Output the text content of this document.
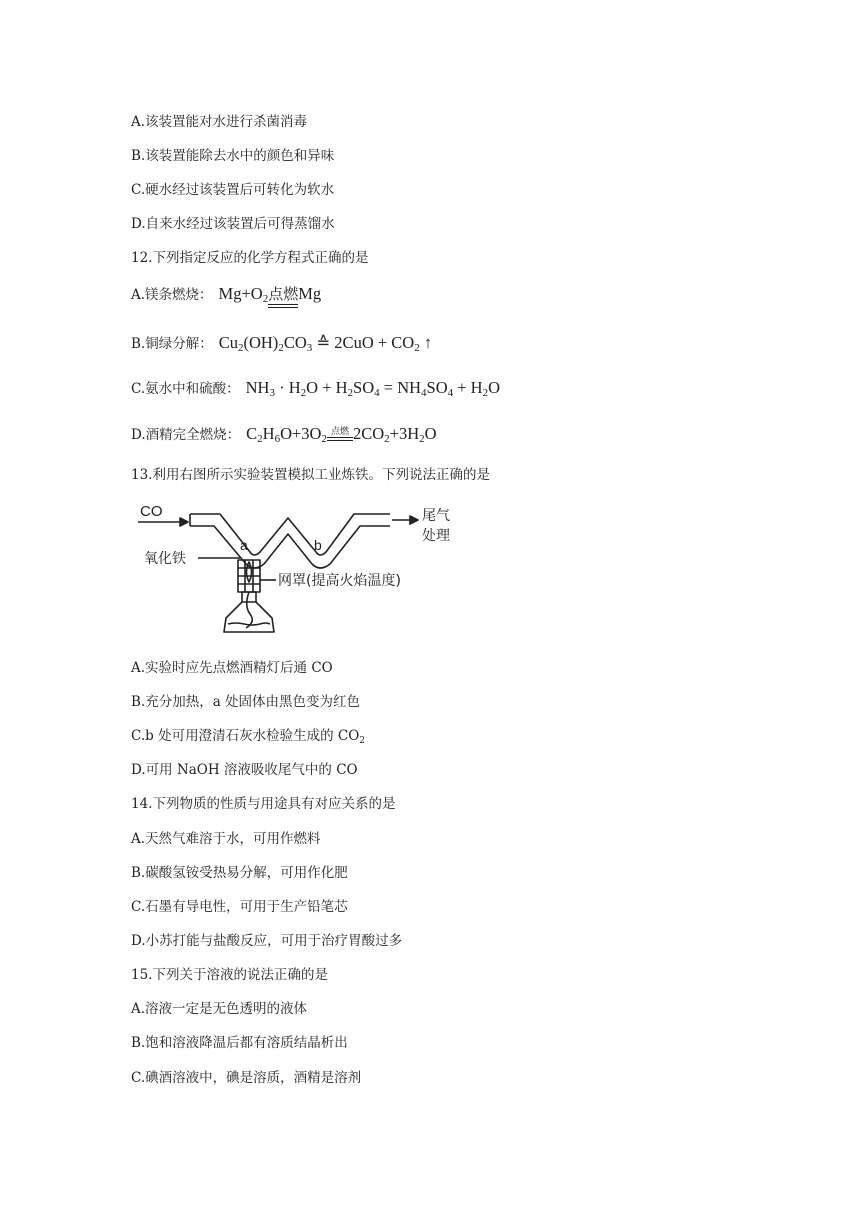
A.该装置能对水进行杀菌消毒
B.该装置能除去水中的颜色和异味
C.硬水经过该装置后可转化为软水
D.自来水经过该装置后可得蒸馏水
12.下列指定反应的化学方程式正确的是
A.镁条燃烧： $Mg+O_2$ 点燃 Mg
B.铜绿分解： $Cu_2(OH)_2CO_3$ ≙ $2CuO + CO_2$ ↑
C.氨水中和硫酸： $NH_3 \cdot H_2O + H_2SO_4 = NH_4SO_4 + H_2O$
D.酒精完全燃烧： $C_2H_6O+3O_2$
点燃 $2CO_2+3H_2O$
13.利用右图所示实验装置模拟工业炼铁。下列说法正确的是
CO
a	b
尾气
处理
氧化铁
网罩(提高火焰温度)
A.实验时应先点燃酒精灯后通 CO
B.充分加热，a 处固体由黑色变为红色
C.b 处可用澄清石灰水检验生成的 $CO_2$
D.可用 NaOH 溶液吸收尾气中的 CO
14.下列物质的性质与用途具有对应关系的是
A.天然气难溶于水，可用作燃料
B.碳酸氢铵受热易分解，可用作化肥
C.石墨有导电性，可用于生产铅笔芯
D.小苏打能与盐酸反应，可用于治疗胃酸过多
15.下列关于溶液的说法正确的是
A.溶液一定是无色透明的液体
B.饱和溶液降温后都有溶质结晶析出
C.碘酒溶液中，碘是溶质，酒精是溶剂
